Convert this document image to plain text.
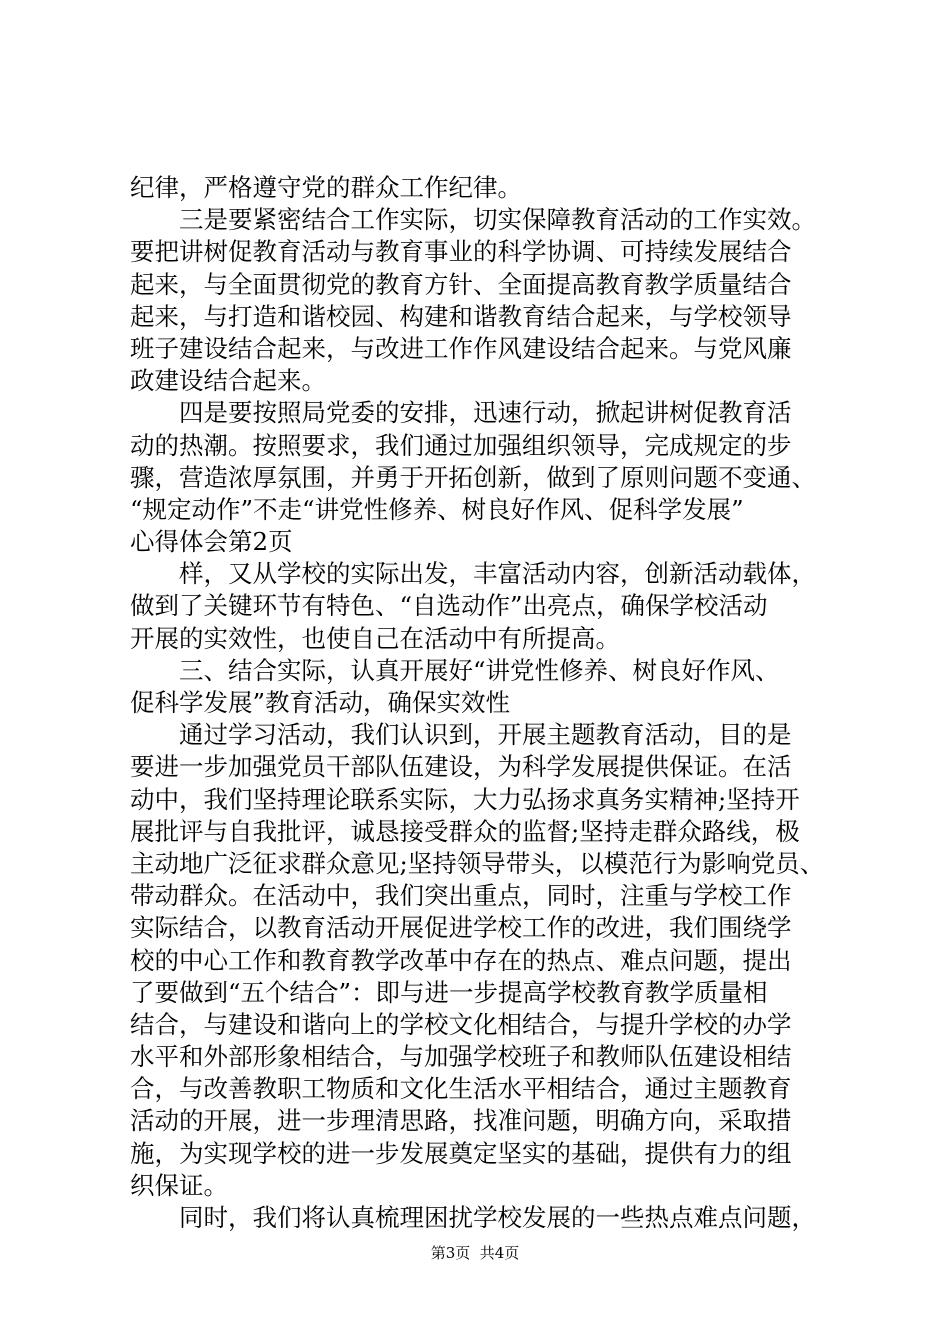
纪律，严格遵守党的群众工作纪律。
三是要紧密结合工作实际，切实保障教育活动的工作实效。
要把讲树促教育活动与教育事业的科学协调、可持续发展结合
起来，与全面贯彻党的教育方针、全面提高教育教学质量结合
起来，与打造和谐校园、构建和谐教育结合起来，与学校领导
班子建设结合起来，与改进工作作风建设结合起来。与党风廉
政建设结合起来。
四是要按照局党委的安排，迅速行动，掀起讲树促教育活
动的热潮。按照要求，我们通过加强组织领导，完成规定的步
骤，营造浓厚氛围，并勇于开拓创新，做到了原则问题不变通、
“规定动作”不走“讲党性修养、树良好作风、促科学发展”
心得体会第2页
样，又从学校的实际出发，丰富活动内容，创新活动载体，
做到了关键环节有特色、“自选动作”出亮点，确保学校活动
开展的实效性，也使自己在活动中有所提高。
三、结合实际，认真开展好“讲党性修养、树良好作风、
促科学发展”教育活动，确保实效性
通过学习活动，我们认识到，开展主题教育活动，目的是
要进一步加强党员干部队伍建设，为科学发展提供保证。在活
动中，我们坚持理论联系实际，大力弘扬求真务实精神;坚持开
展批评与自我批评，诚恳接受群众的监督;坚持走群众路线，极
主动地广泛征求群众意见;坚持领导带头，以模范行为影响党员、
带动群众。在活动中，我们突出重点，同时，注重与学校工作
实际结合，以教育活动开展促进学校工作的改进，我们围绕学
校的中心工作和教育教学改革中存在的热点、难点问题，提出
了要做到“五个结合”：即与进一步提高学校教育教学质量相
结合，与建设和谐向上的学校文化相结合，与提升学校的办学
水平和外部形象相结合，与加强学校班子和教师队伍建设相结
合，与改善教职工物质和文化生活水平相结合，通过主题教育
活动的开展，进一步理清思路，找准问题，明确方向，采取措
施，为实现学校的进一步发展奠定坚实的基础，提供有力的组
织保证。
同时，我们将认真梳理困扰学校发展的一些热点难点问题，
第3页  共4页
